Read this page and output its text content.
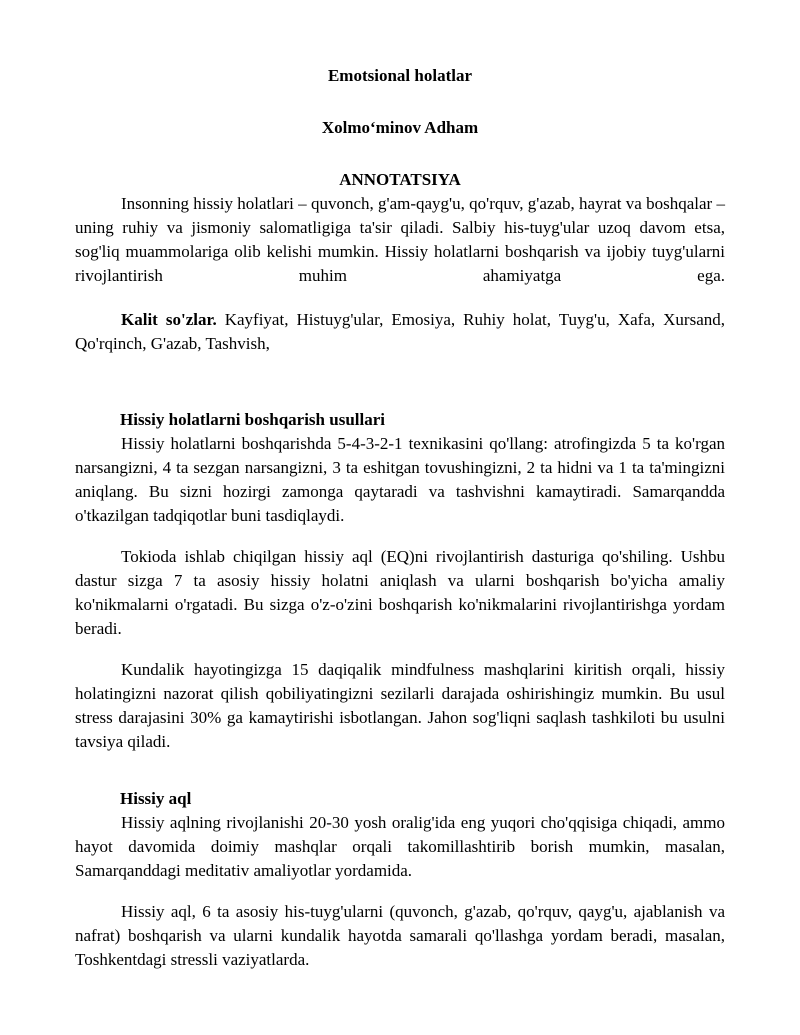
Emotsional holatlar
Xolmo‘minov Adham
ANNOTATSIYA

Insonning hissiy holatlari – quvonch, g'am-qayg'u, qo'rquv, g'azab, hayrat va boshqalar – uning ruhiy va jismoniy salomatligiga ta'sir qiladi. Salbiy his-tuyg'ular uzoq davom etsa, sog'liq muammolariga olib kelishi mumkin. Hissiy holatlarni boshqarish va ijobiy tuyg'ularni rivojlantirish muhim ahamiyatga ega.

Kalit so'zlar. Kayfiyat, Histuyg'ular, Emosiya, Ruhiy holat, Tuyg'u, Xafa, Xursand, Qo'rqinch, G'azab, Tashvish,

Hissiy holatlarni boshqarish usullari

Hissiy holatlarni boshqarishda 5-4-3-2-1 texnikasini qo'llang: atrofingizda 5 ta ko'rgan narsangizni, 4 ta sezgan narsangizni, 3 ta eshitgan tovushingizni, 2 ta hidni va 1 ta ta'mingizni aniqlang. Bu sizni hozirgi zamonga qaytaradi va tashvishni kamaytiradi. Samarqandda o'tkazilgan tadqiqotlar buni tasdiqlaydi.

Tokioda ishlab chiqilgan hissiy aql (EQ)ni rivojlantirish dasturiga qo'shiling. Ushbu dastur sizga 7 ta asosiy hissiy holatni aniqlash va ularni boshqarish bo'yicha amaliy ko'nikmalarni o'rgatadi. Bu sizga o'z-o'zini boshqarish ko'nikmalarini rivojlantirishga yordam beradi.

Kundalik hayotingizga 15 daqiqalik mindfulness mashqlarini kiritish orqali, hissiy holatingizni nazorat qilish qobiliyatingizni sezilarli darajada oshirishingiz mumkin. Bu usul stress darajasini 30% ga kamaytirishi isbotlangan. Jahon sog'liqni saqlash tashkiloti bu usulni tavsiya qiladi.

Hissiy aql

Hissiy aqlning rivojlanishi 20-30 yosh oralig'ida eng yuqori cho'qqisiga chiqadi, ammo hayot davomida doimiy mashqlar orqali takomillashtirib borish mumkin, masalan, Samarqanddagi meditativ amaliyotlar yordamida.

Hissiy aql, 6 ta asosiy his-tuyg'ularni (quvonch, g'azab, qo'rquv, qayg'u, ajablanish va nafrat) boshqarish va ularni kundalik hayotda samarali qo'llashga yordam beradi, masalan, Toshkentdagi stressli vaziyatlarda.
